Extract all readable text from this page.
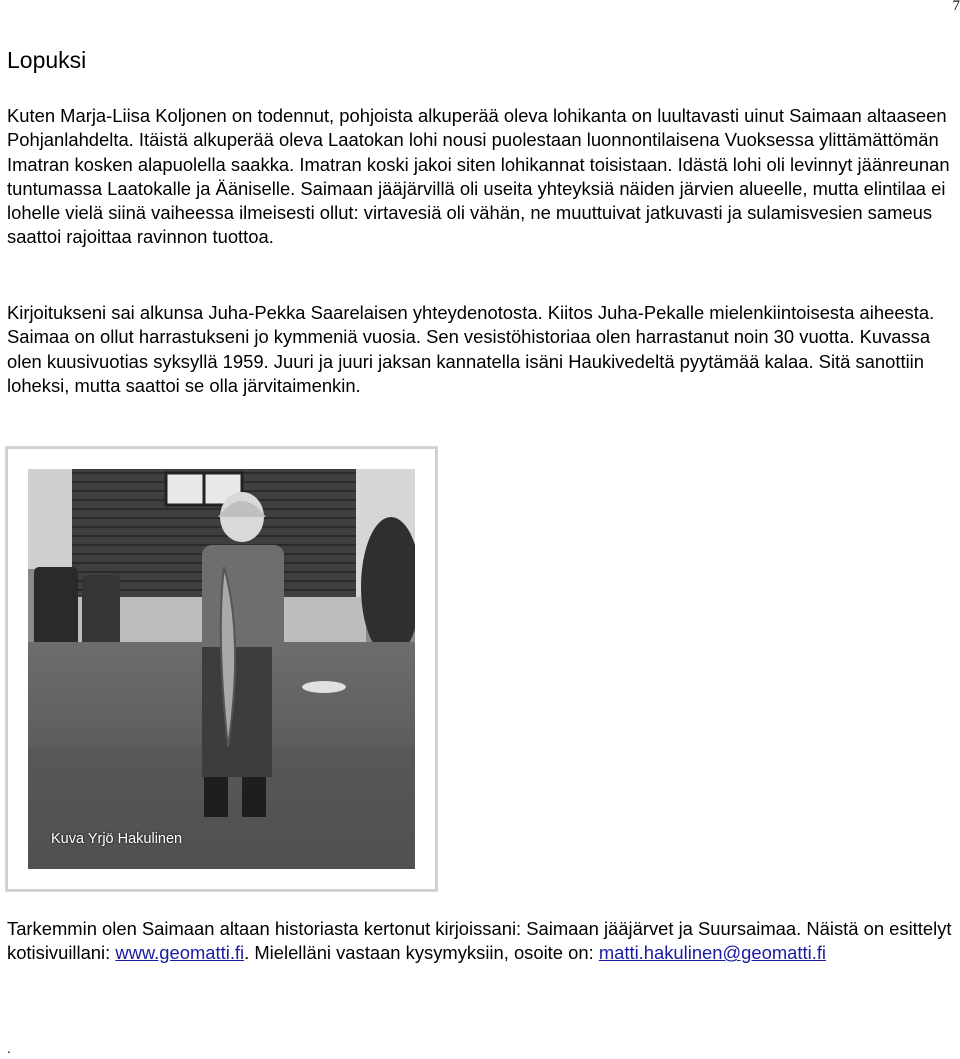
7
Lopuksi

Kuten Marja-Liisa Koljonen on todennut, pohjoista alkuperää oleva lohikanta on luultavasti uinut Saimaan altaaseen Pohjanlahdelta. Itäistä alkuperää oleva Laatokan lohi nousi puolestaan luonnontilaisena Vuoksessa ylittämättömän Imatran kosken alapuolella saakka. Imatran koski jakoi siten lohikannat toisistaan. Idästä lohi oli levinnyt jäänreunan tuntumassa Laatokalle ja Ääniselle. Saimaan jääjärvillä oli useita yhteyksiä näiden järvien alueelle, mutta elintilaa ei lohelle vielä siinä vaiheessa ilmeisesti ollut: virtavesiä oli vähän, ne muuttuivat jatkuvasti ja sulamisvesien sameus saattoi rajoittaa ravinnon tuottoa.

Kirjoitukseni sai alkunsa Juha-Pekka Saarelaisen yhteydenotosta. Kiitos Juha-Pekalle mielenkiintoisesta aiheesta. Saimaa on ollut harrastukseni jo kymmeniä vuosia. Sen vesistöhistoriaa olen harrastanut noin 30 vuotta. Kuvassa olen kuusivuotias syksyllä 1959. Juuri ja juuri jaksan kannatella isäni Haukivedeltä pyytämää kalaa. Sitä sanottiin loheksi, mutta saattoi se olla järvitaimenkin.

Kuva Yrjö Hakulinen

Tarkemmin olen Saimaan altaan historiasta kertonut kirjoissani: Saimaan jääjärvet ja Suursaimaa. Näistä on esittelyt kotisivuillani: www.geomatti.fi. Mielelläni vastaan kysymyksiin, osoite on: matti.hakulinen@geomatti.fi

.
